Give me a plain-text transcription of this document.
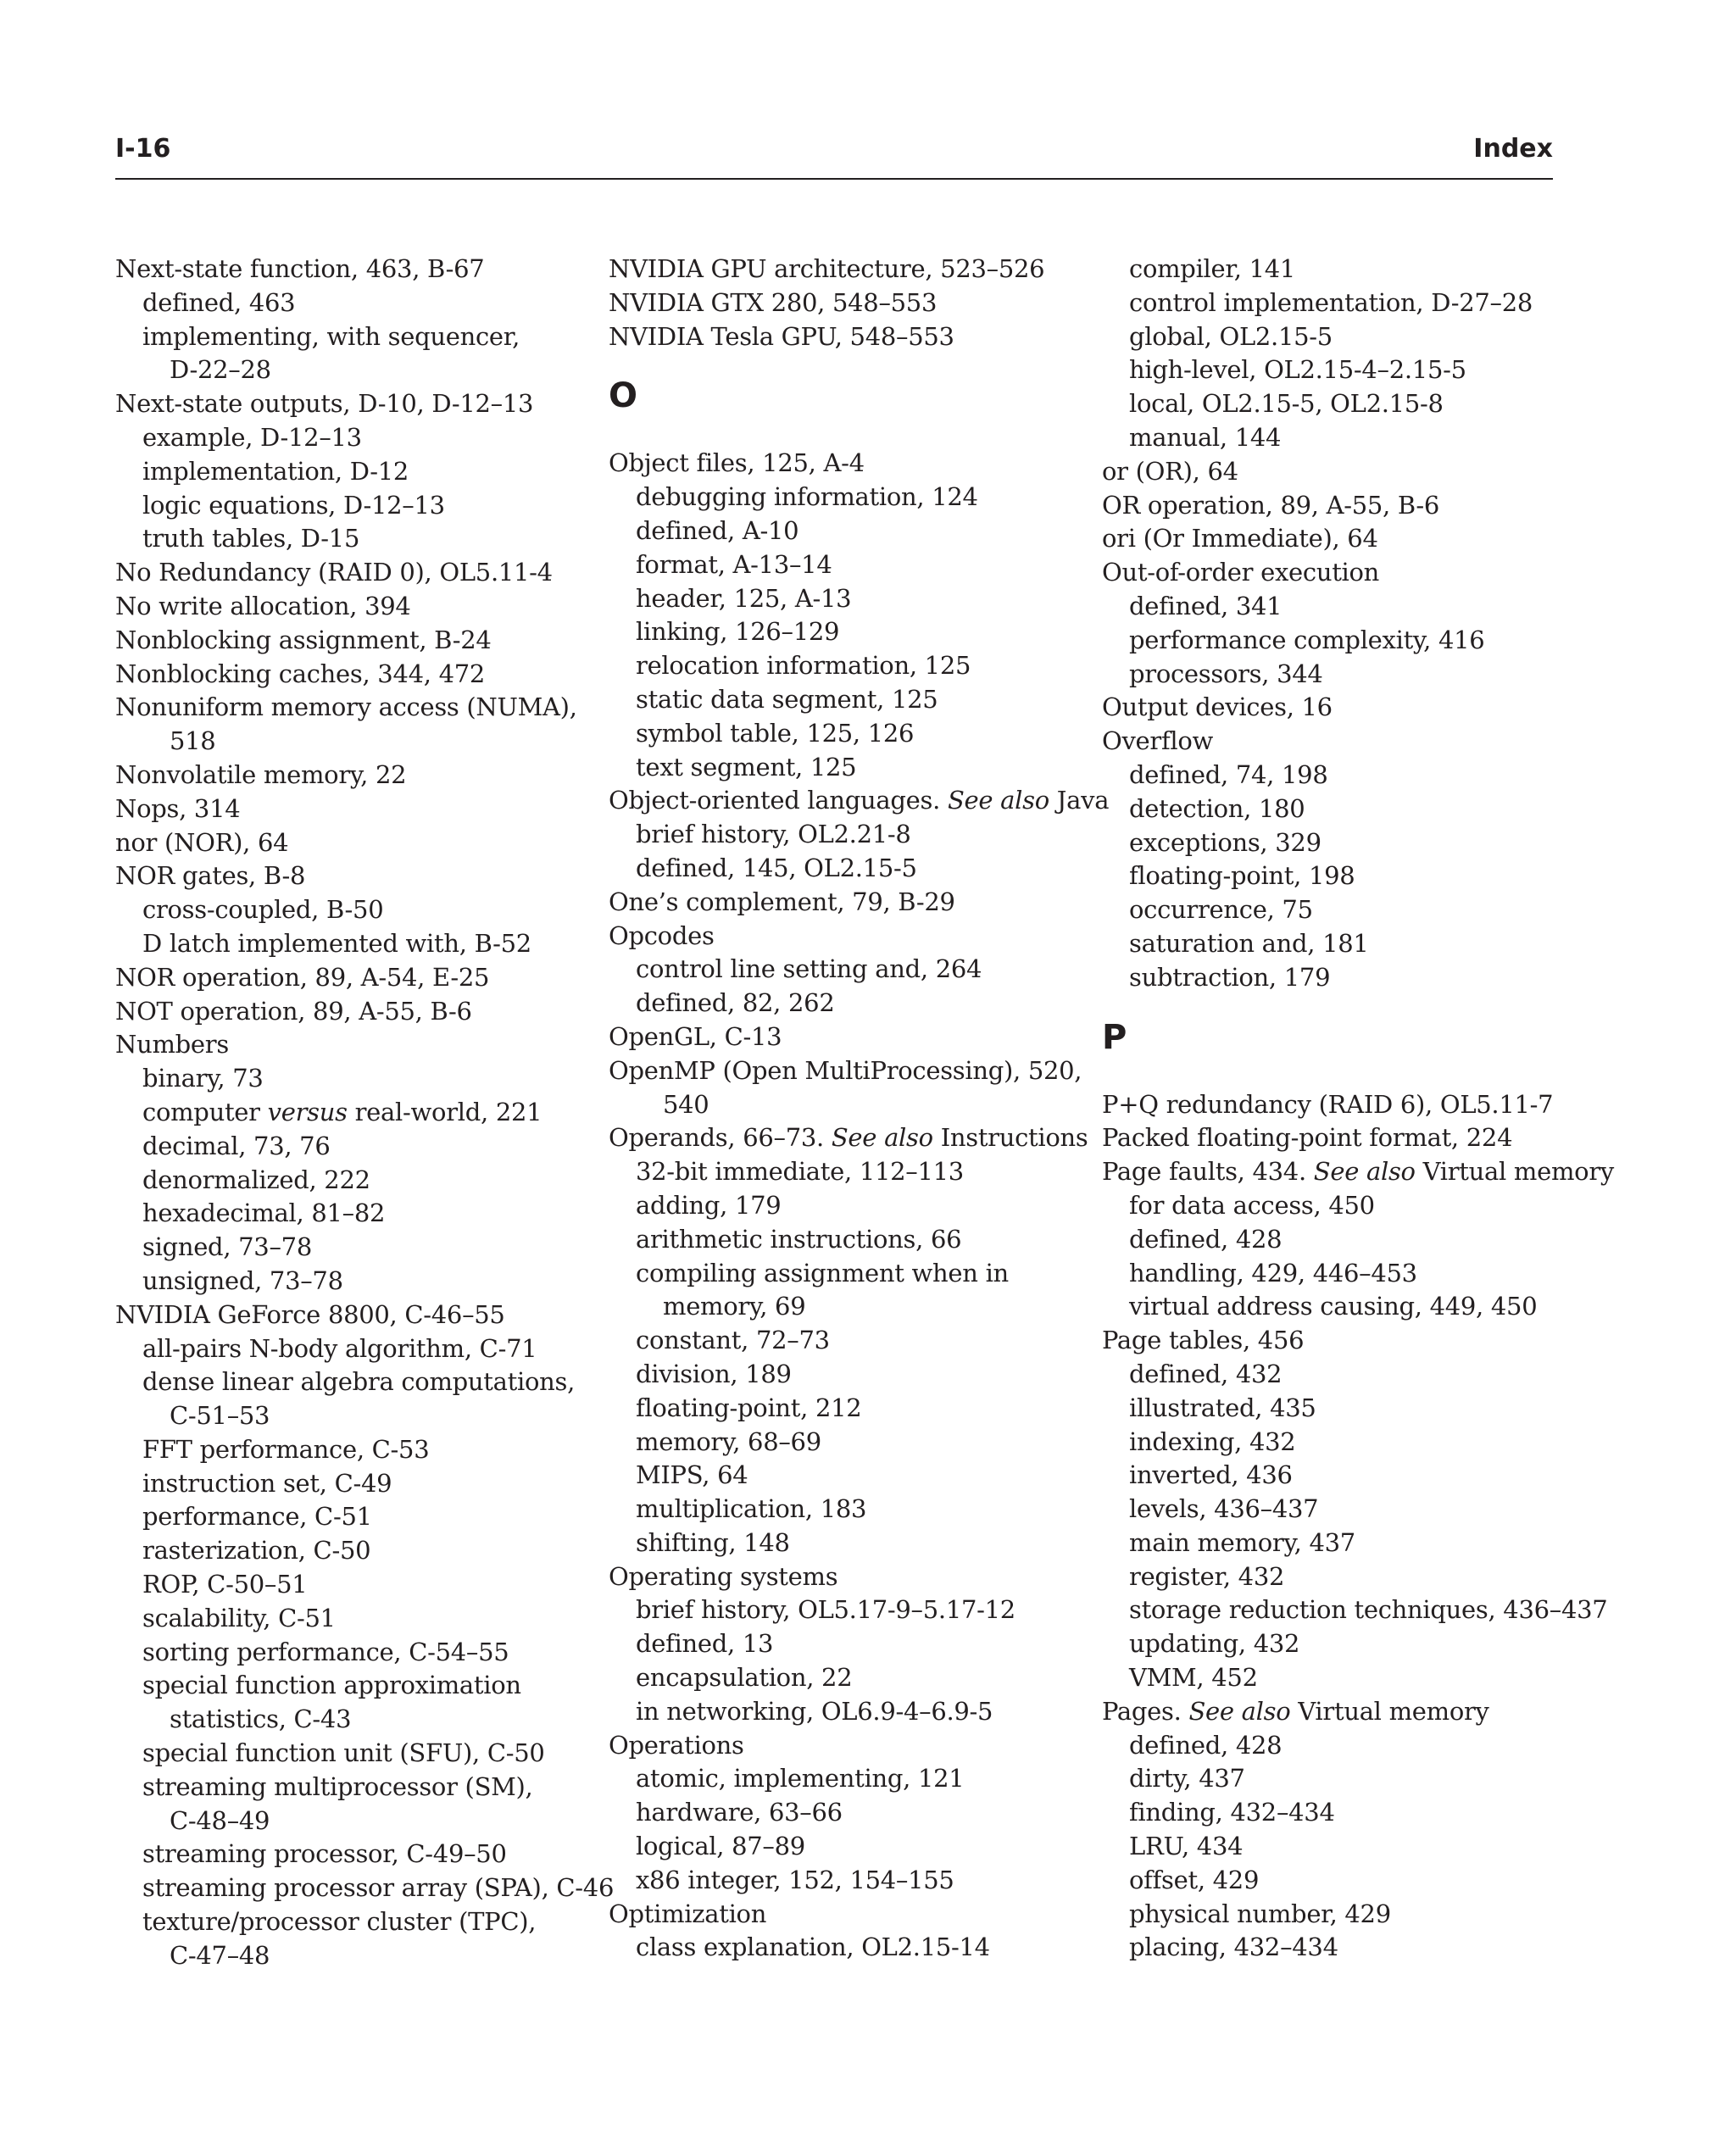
I-16	Index
Next-state function, 463, B-67
defined, 463
implementing, with sequencer,
D-22–28
Next-state outputs, D-10, D-12–13
example, D-12–13
implementation, D-12
logic equations, D-12–13
truth tables, D-15
No Redundancy (RAID 0), OL5.11-4
No write allocation, 394
Nonblocking assignment, B-24
Nonblocking caches, 344, 472
Nonuniform memory access (NUMA),
518
Nonvolatile memory, 22
Nops, 314
nor (NOR), 64
NOR gates, B-8
cross-coupled, B-50
D latch implemented with, B-52
NOR operation, 89, A-54, E-25
NOT operation, 89, A-55, B-6
Numbers
binary, 73
computer versus real-world, 221
decimal, 73, 76
denormalized, 222
hexadecimal, 81–82
signed, 73–78
unsigned, 73–78
NVIDIA GeForce 8800, C-46–55
all-pairs N-body algorithm, C-71
dense linear algebra computations,
C-51–53
FFT performance, C-53
instruction set, C-49
performance, C-51
rasterization, C-50
ROP, C-50–51
scalability, C-51
sorting performance, C-54–55
special function approximation
statistics, C-43
special function unit (SFU), C-50
streaming multiprocessor (SM),
C-48–49
streaming processor, C-49–50
streaming processor array (SPA), C-46
texture/processor cluster (TPC),
C-47–48
NVIDIA GPU architecture, 523–526
NVIDIA GTX 280, 548–553
NVIDIA Tesla GPU, 548–553
O
Object files, 125, A-4
debugging information, 124
defined, A-10
format, A-13–14
header, 125, A-13
linking, 126–129
relocation information, 125
static data segment, 125
symbol table, 125, 126
text segment, 125
Object-oriented languages. See also Java
brief history, OL2.21-8
defined, 145, OL2.15-5
One’s complement, 79, B-29
Opcodes
control line setting and, 264
defined, 82, 262
OpenGL, C-13
OpenMP (Open MultiProcessing), 520,
540
Operands, 66–73. See also Instructions
32-bit immediate, 112–113
adding, 179
arithmetic instructions, 66
compiling assignment when in
memory, 69
constant, 72–73
division, 189
floating-point, 212
memory, 68–69
MIPS, 64
multiplication, 183
shifting, 148
Operating systems
brief history, OL5.17-9–5.17-12
defined, 13
encapsulation, 22
in networking, OL6.9-4–6.9-5
Operations
atomic, implementing, 121
hardware, 63–66
logical, 87–89
x86 integer, 152, 154–155
Optimization
class explanation, OL2.15-14
compiler, 141
control implementation, D-27–28
global, OL2.15-5
high-level, OL2.15-4–2.15-5
local, OL2.15-5, OL2.15-8
manual, 144
or (OR), 64
OR operation, 89, A-55, B-6
ori (Or Immediate), 64
Out-of-order execution
defined, 341
performance complexity, 416
processors, 344
Output devices, 16
Overflow
defined, 74, 198
detection, 180
exceptions, 329
floating-point, 198
occurrence, 75
saturation and, 181
subtraction, 179
P
P+Q redundancy (RAID 6), OL5.11-7
Packed floating-point format, 224
Page faults, 434. See also Virtual memory
for data access, 450
defined, 428
handling, 429, 446–453
virtual address causing, 449, 450
Page tables, 456
defined, 432
illustrated, 435
indexing, 432
inverted, 436
levels, 436–437
main memory, 437
register, 432
storage reduction techniques, 436–437
updating, 432
VMM, 452
Pages. See also Virtual memory
defined, 428
dirty, 437
finding, 432–434
LRU, 434
offset, 429
physical number, 429
placing, 432–434
